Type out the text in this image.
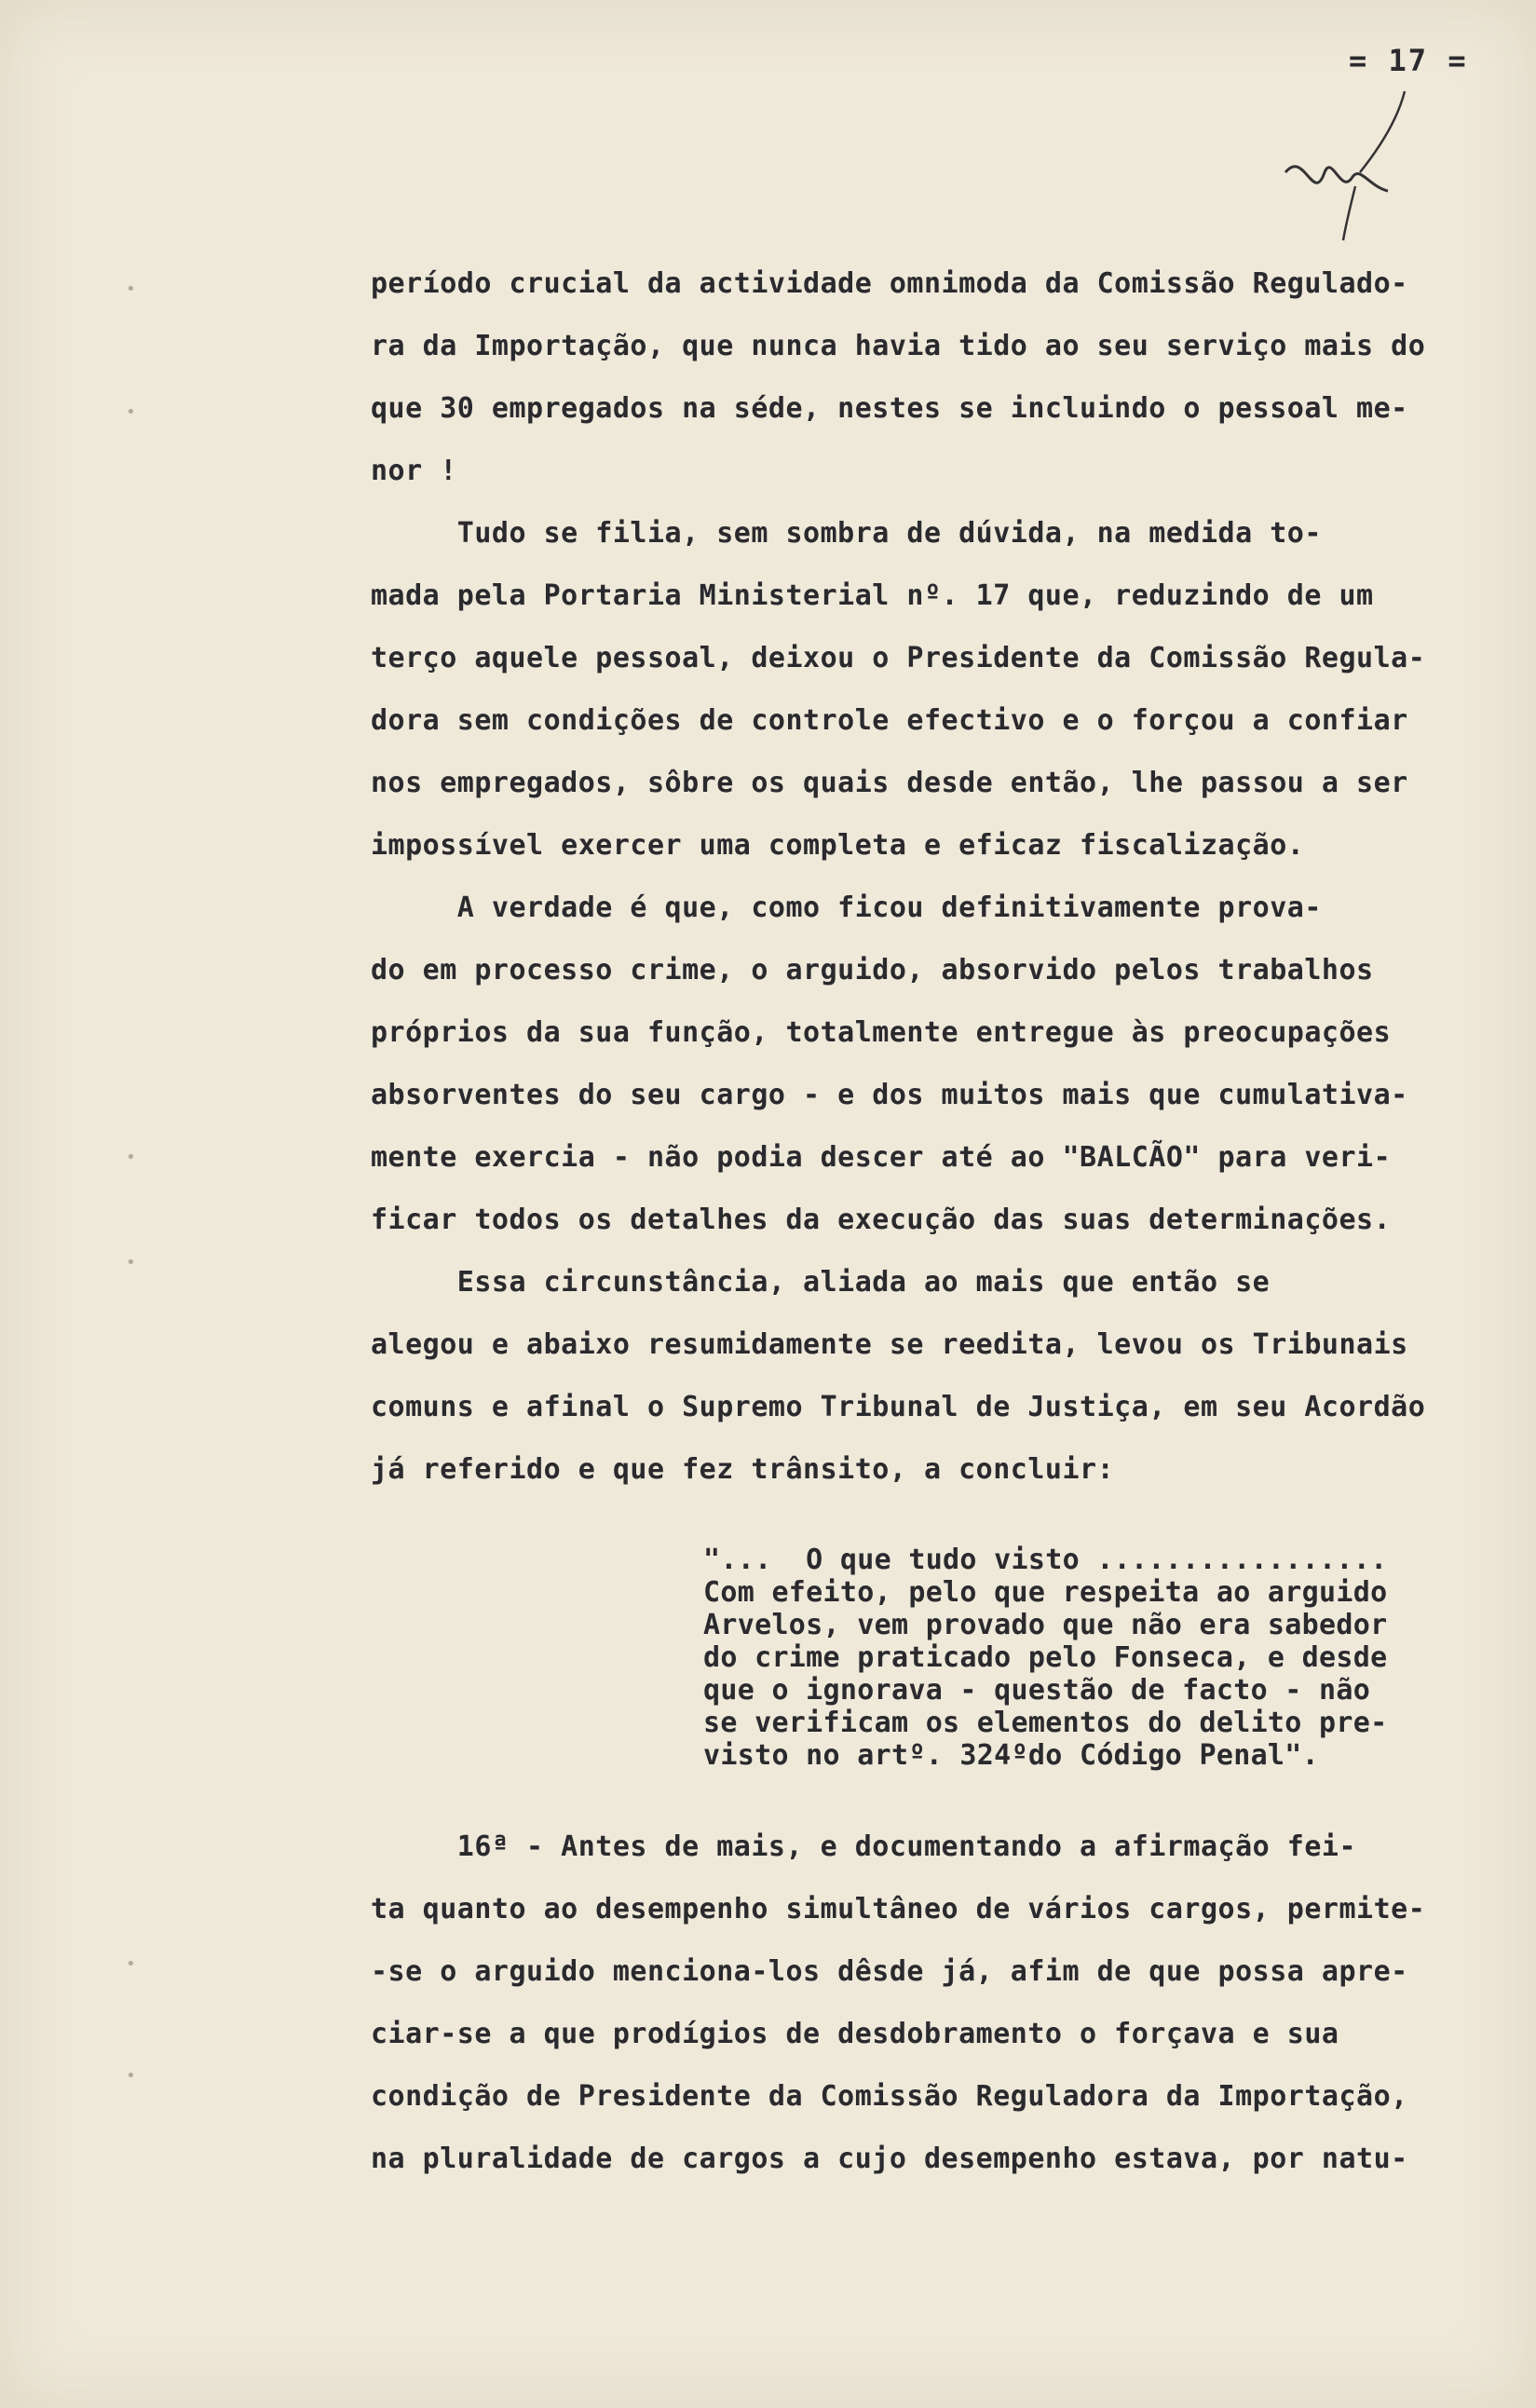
= 17 =
•
•
•
•
•
•
período crucial da actividade omnimoda da Comissão Regulado-
ra da Importação, que nunca havia tido ao seu serviço mais do
que 30 empregados na séde, nestes se incluindo o pessoal me-
nor !
Tudo se filia, sem sombra de dúvida, na medida to-
mada pela Portaria Ministerial nº. 17 que, reduzindo de um
terço aquele pessoal, deixou o Presidente da Comissão Regula-
dora sem condições de controle efectivo e o forçou a confiar
nos empregados, sôbre os quais desde então, lhe passou a ser
impossível exercer uma completa e eficaz fiscalização.
A verdade é que, como ficou definitivamente prova-
do em processo crime, o arguido, absorvido pelos trabalhos
próprios da sua função, totalmente entregue às preocupações
absorventes do seu cargo - e dos muitos mais que cumulativa-
mente exercia - não podia descer até ao "BALCÃO" para veri-
ficar todos os detalhes da execução das suas determinações.
Essa circunstância, aliada ao mais que então se
alegou e abaixo resumidamente se reedita, levou os Tribunais
comuns e afinal o Supremo Tribunal de Justiça, em seu Acordão
já referido e que fez trânsito, a concluir:
"...  O que tudo visto .................
Com efeito, pelo que respeita ao arguido
Arvelos, vem provado que não era sabedor
do crime praticado pelo Fonseca, e desde
que o ignorava - questão de facto - não
se verificam os elementos do delito pre-
visto no artº. 324ºdo Código Penal".
16ª - Antes de mais, e documentando a afirmação fei-
ta quanto ao desempenho simultâneo de vários cargos, permite-
-se o arguido menciona-los dêsde já, afim de que possa apre-
ciar-se a que prodígios de desdobramento o forçava e sua
condição de Presidente da Comissão Reguladora da Importação,
na pluralidade de cargos a cujo desempenho estava, por natu-
